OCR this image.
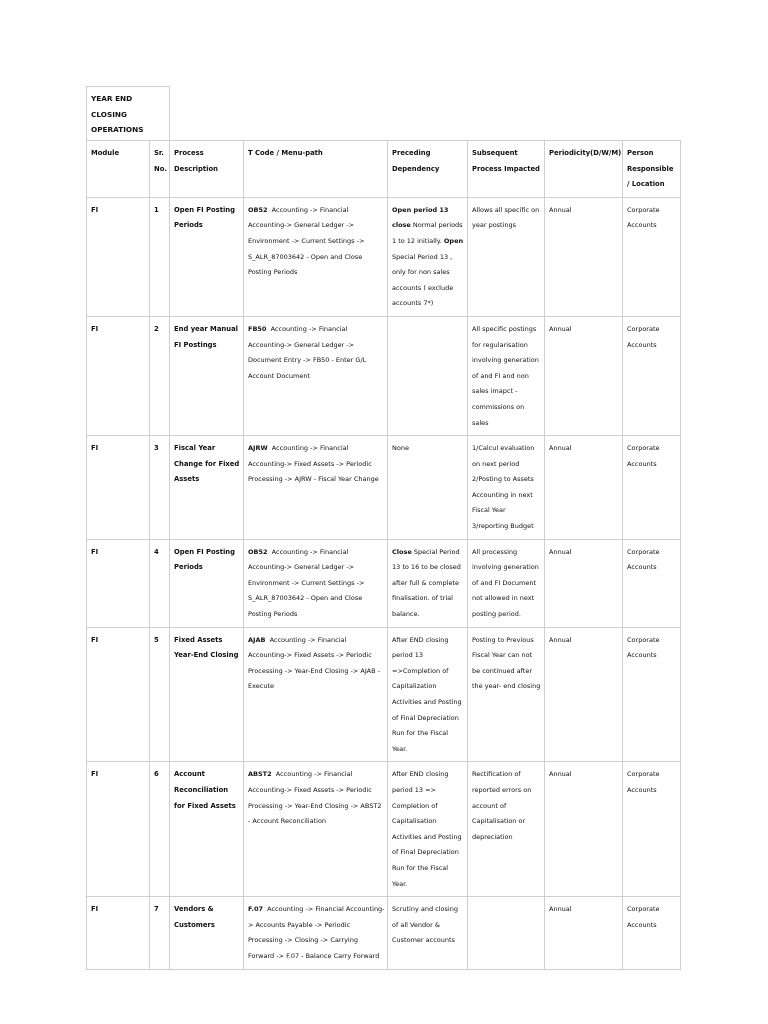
YEAR END
CLOSING
OPERATIONS
Module	Sr. No.	Process Description	T Code / Menu-path	Preceding Dependency	Subsequent Process Impacted	Periodicity(D/W/M)	Person Responsible / Location
FI	1	Open FI Posting Periods	OB52 Accounting -> Financial Accounting-> General Ledger -> Environment -> Current Settings -> S_ALR_87003642 - Open and Close Posting Periods	Open period 13 close Normal periods 1 to 12 initially. Open Special Period 13 , only for non sales accounts ( exclude accounts 7*)	Allows all specific on year postings	Annual	Corporate Accounts
FI	2	End year Manual FI Postings	FB50 Accounting -> Financial Accounting-> General Ledger -> Document Entry -> FB50 - Enter G/L Account Document		All specific postings for regularisation involving generation of and FI and non sales imapct -commissions on sales	Annual	Corporate Accounts
FI	3	Fiscal Year Change for Fixed Assets	AJRW Accounting -> Financial Accounting-> Fixed Assets -> Periodic Processing -> AJRW - Fiscal Year Change	None	1/Calcul evaluation on next period 2/Posting to Assets Accounting in next Fiscal Year 3/reporting Budget	Annual	Corporate Accounts
FI	4	Open FI Posting Periods	OB52 Accounting -> Financial Accounting-> General Ledger -> Environment -> Current Settings -> S_ALR_87003642 - Open and Close Posting Periods	Close Special Period 13 to 16 to be closed after full & complete finalisation. of trial balance.	All processing involving generation of and FI Document not allowed in next posting period.	Annual	Corporate Accounts
FI	5	Fixed Assets Year-End Closing	AJAB Accounting -> Financial Accounting-> Fixed Assets -> Periodic Processing -> Year-End Closing -> AJAB - Execute	After END closing period 13 =>Completion of Capitalization Activities and Posting of Final Depreciation Run for the Fiscal Year.	Posting to Previous Fiscal Year can not be continued after the year- end closing	Annual	Corporate Accounts
FI	6	Account Reconciliation for Fixed Assets	ABST2 Accounting -> Financial Accounting-> Fixed Assets -> Periodic Processing -> Year-End Closing -> ABST2 - Account Reconciliation	After END closing period 13 => Completion of Capitalisation Activities and Posting of Final Depreciation Run for the Fiscal Year.	Rectification of reported errors on account of Capitalisation or depreciation	Annual	Corporate Accounts
FI	7	Vendors & Customers	F.07 Accounting -> Financial Accounting-> Accounts Payable -> Periodic Processing -> Closing -> Carrying Forward -> F.07 - Balance Carry Forward	Scrutiny and closing of all Vendor & Customer accounts		Annual	Corporate Accounts
